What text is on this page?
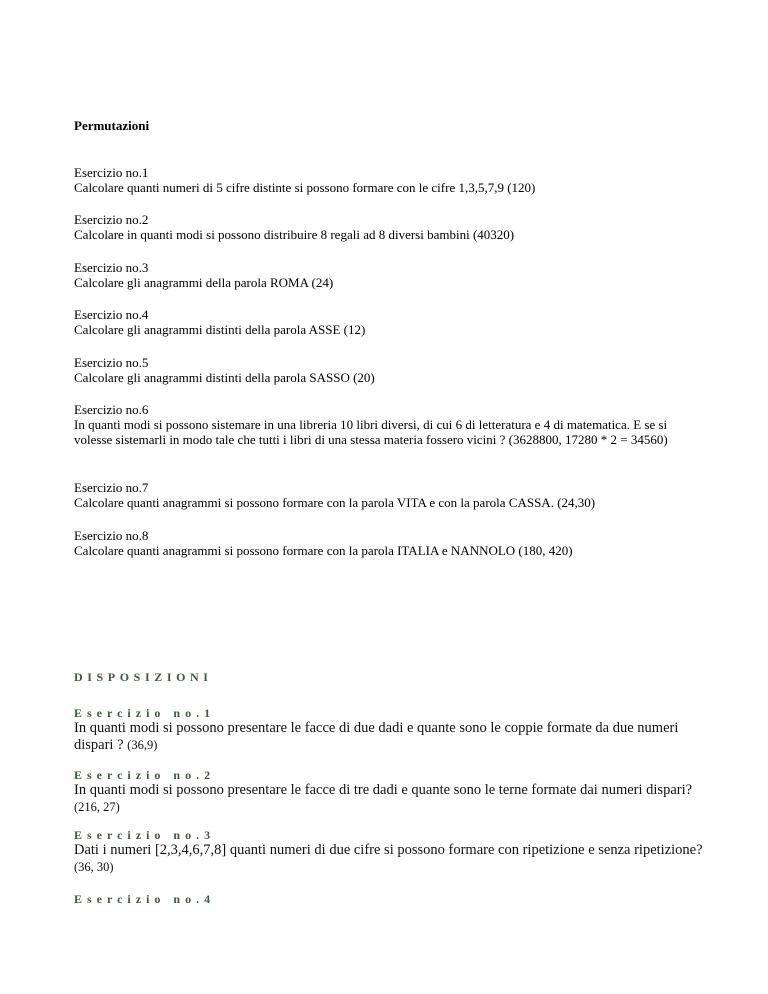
Permutazioni

Esercizio no.1

Calcolare quanti numeri di 5 cifre distinte si possono formare con le cifre 1,3,5,7,9 (120)

Esercizio no.2

Calcolare in quanti modi si possono distribuire 8 regali ad 8 diversi bambini (40320)

Esercizio no.3

Calcolare gli anagrammi della parola ROMA (24)

Esercizio no.4

Calcolare gli anagrammi distinti della parola ASSE (12)

Esercizio no.5

Calcolare gli anagrammi distinti della parola SASSO (20)

Esercizio no.6

In quanti modi si possono sistemare in una libreria 10 libri diversi, di cui 6 di letteratura e 4 di matematica. E se si volesse sistemarli in modo tale che tutti i libri di una stessa materia fossero vicini ? (3628800, 17280 * 2 = 34560)

Esercizio no.7

Calcolare quanti anagrammi si possono formare con la parola VITA e con la parola CASSA. (24,30)

Esercizio no.8

Calcolare quanti anagrammi si possono formare con la parola ITALIA e NANNOLO (180, 420)

DISPOSIZIONI

Esercizio no.1

In quanti modi si possono presentare le facce di due dadi e quante sono le coppie formate da due numeri dispari ? (36,9)

Esercizio no.2

In quanti modi si possono presentare le facce di tre dadi e quante sono le terne formate dai numeri dispari? (216, 27)

Esercizio no.3

Dati i numeri [2,3,4,6,7,8] quanti numeri di due cifre si possono formare con ripetizione e senza ripetizione? (36, 30)

Esercizio no.4
